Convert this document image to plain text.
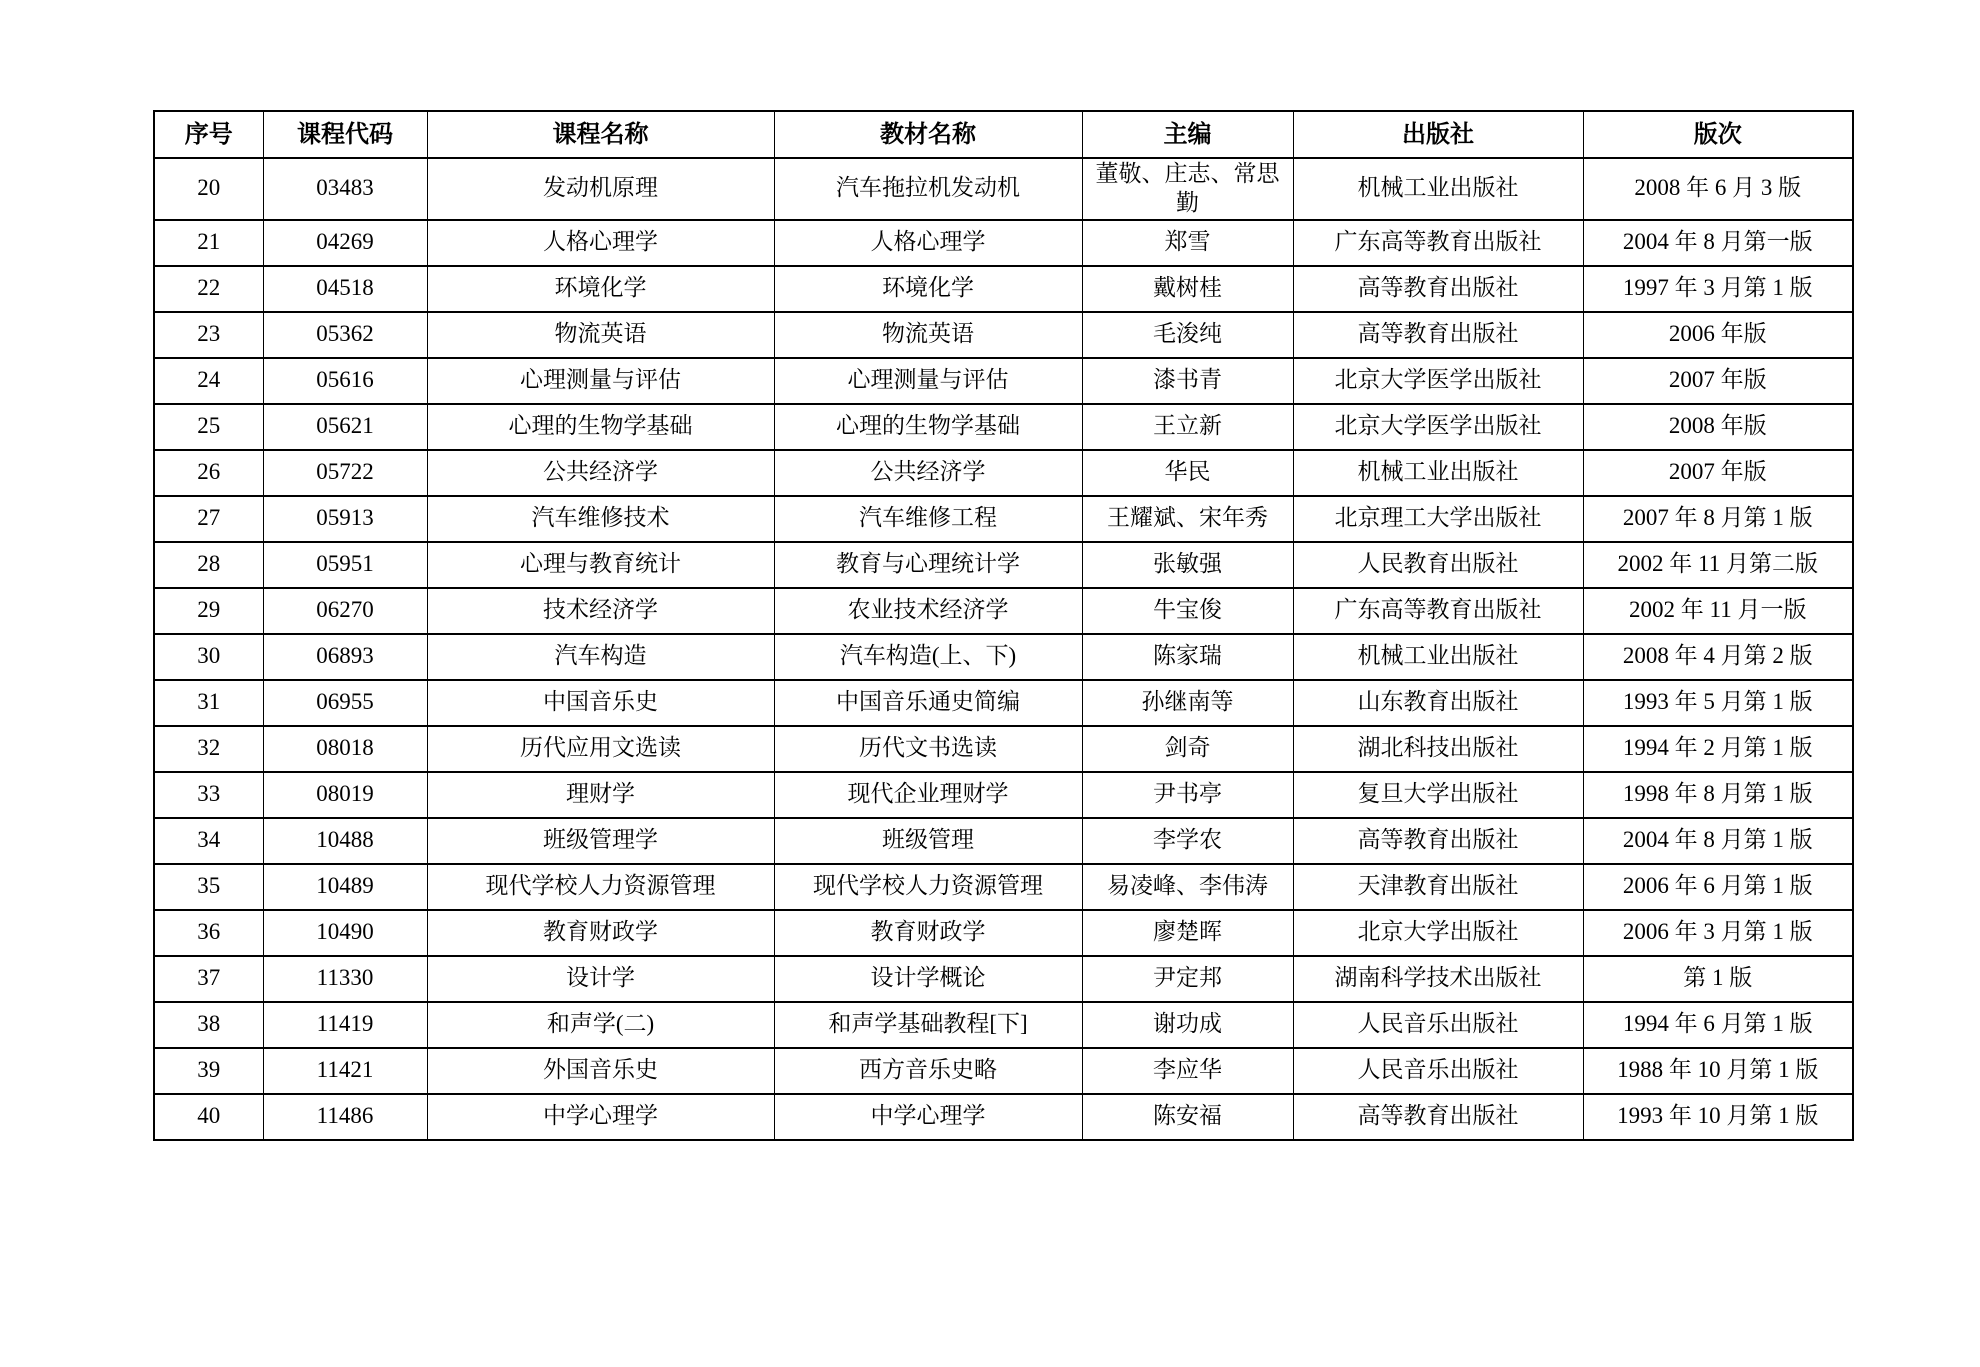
序号	课程代码	课程名称	教材名称	主编	出版社	版次
20	03483	发动机原理	汽车拖拉机发动机	董敬、庄志、常思勤	机械工业出版社	2008 年 6 月 3 版
21	04269	人格心理学	人格心理学	郑雪	广东高等教育出版社	2004 年 8 月第一版
22	04518	环境化学	环境化学	戴树桂	高等教育出版社	1997 年 3 月第 1 版
23	05362	物流英语	物流英语	毛浚纯	高等教育出版社	2006 年版
24	05616	心理测量与评估	心理测量与评估	漆书青	北京大学医学出版社	2007 年版
25	05621	心理的生物学基础	心理的生物学基础	王立新	北京大学医学出版社	2008 年版
26	05722	公共经济学	公共经济学	华民	机械工业出版社	2007 年版
27	05913	汽车维修技术	汽车维修工程	王耀斌、宋年秀	北京理工大学出版社	2007 年 8 月第 1 版
28	05951	心理与教育统计	教育与心理统计学	张敏强	人民教育出版社	2002 年 11 月第二版
29	06270	技术经济学	农业技术经济学	牛宝俊	广东高等教育出版社	2002 年 11 月一版
30	06893	汽车构造	汽车构造(上、下)	陈家瑞	机械工业出版社	2008 年 4 月第 2 版
31	06955	中国音乐史	中国音乐通史简编	孙继南等	山东教育出版社	1993 年 5 月第 1 版
32	08018	历代应用文选读	历代文书选读	剑奇	湖北科技出版社	1994 年 2 月第 1 版
33	08019	理财学	现代企业理财学	尹书亭	复旦大学出版社	1998 年 8 月第 1 版
34	10488	班级管理学	班级管理	李学农	高等教育出版社	2004 年 8 月第 1 版
35	10489	现代学校人力资源管理	现代学校人力资源管理	易凌峰、李伟涛	天津教育出版社	2006 年 6 月第 1 版
36	10490	教育财政学	教育财政学	廖楚晖	北京大学出版社	2006 年 3 月第 1 版
37	11330	设计学	设计学概论	尹定邦	湖南科学技术出版社	第 1 版
38	11419	和声学(二)	和声学基础教程[下]	谢功成	人民音乐出版社	1994 年 6 月第 1 版
39	11421	外国音乐史	西方音乐史略	李应华	人民音乐出版社	1988 年 10 月第 1 版
40	11486	中学心理学	中学心理学	陈安福	高等教育出版社	1993 年 10 月第 1 版
